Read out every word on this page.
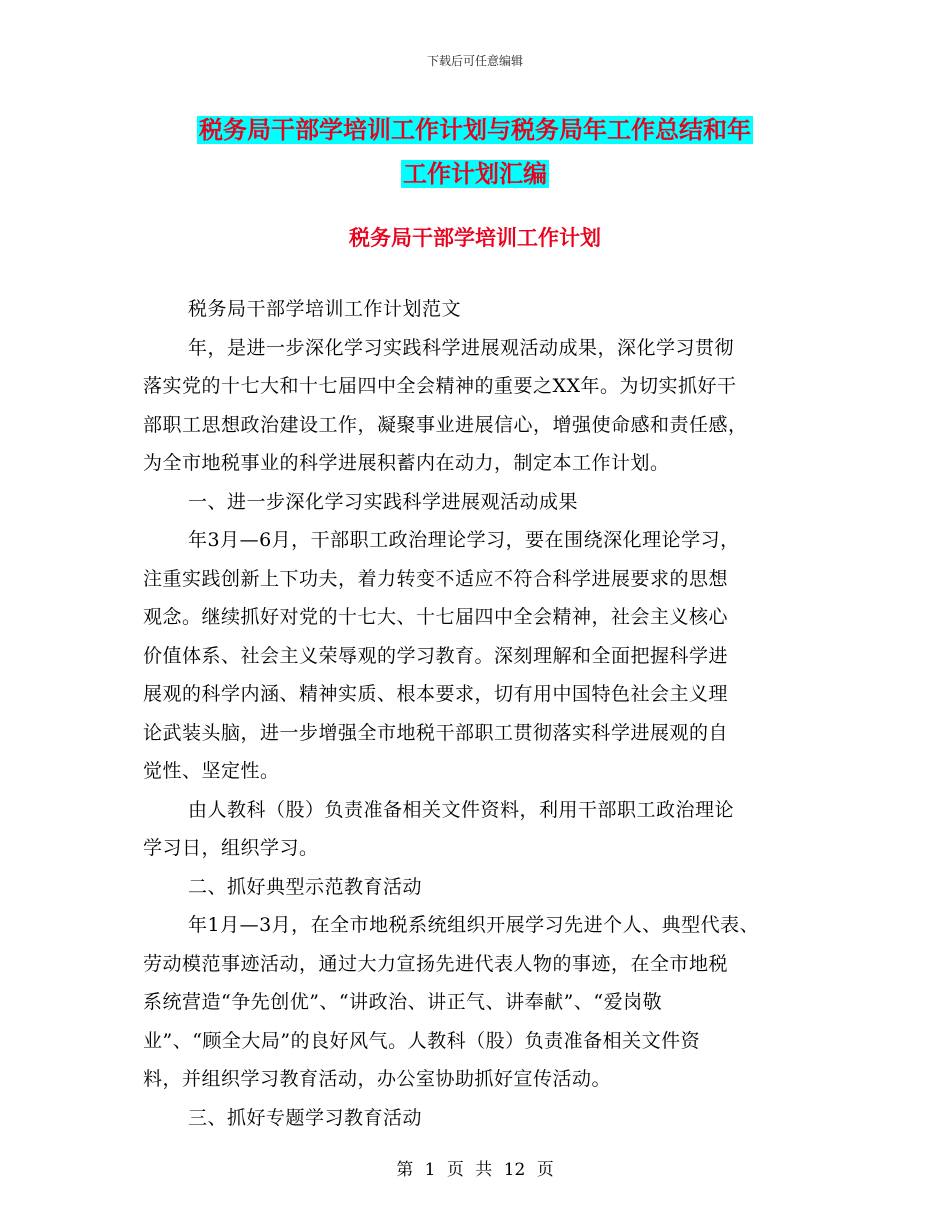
下载后可任意编辑
税务局干部学培训工作计划与税务局年工作总结和年
工作计划汇编
税务局干部学培训工作计划
税务局干部学培训工作计划范文
年，是进一步深化学习实践科学进展观活动成果，深化学习贯彻
落实党的十七大和十七届四中全会精神的重要之XX年。为切实抓好干
部职工思想政治建设工作，凝聚事业进展信心，增强使命感和责任感，
为全市地税事业的科学进展积蓄内在动力，制定本工作计划。
一、进一步深化学习实践科学进展观活动成果
年3月—6月，干部职工政治理论学习，要在围绕深化理论学习，
注重实践创新上下功夫，着力转变不适应不符合科学进展要求的思想
观念。继续抓好对党的十七大、十七届四中全会精神，社会主义核心
价值体系、社会主义荣辱观的学习教育。深刻理解和全面把握科学进
展观的科学内涵、精神实质、根本要求，切有用中国特色社会主义理
论武装头脑，进一步增强全市地税干部职工贯彻落实科学进展观的自
觉性、坚定性。
由人教科（股）负责准备相关文件资料，利用干部职工政治理论
学习日，组织学习。
二、抓好典型示范教育活动
年1月—3月，在全市地税系统组织开展学习先进个人、典型代表、
劳动模范事迹活动，通过大力宣扬先进代表人物的事迹，在全市地税
系统营造“争先创优”、“讲政治、讲正气、讲奉献”、“爱岗敬
业”、“顾全大局”的良好风气。人教科（股）负责准备相关文件资
料，并组织学习教育活动，办公室协助抓好宣传活动。
三、抓好专题学习教育活动
第 1 页 共 12 页
